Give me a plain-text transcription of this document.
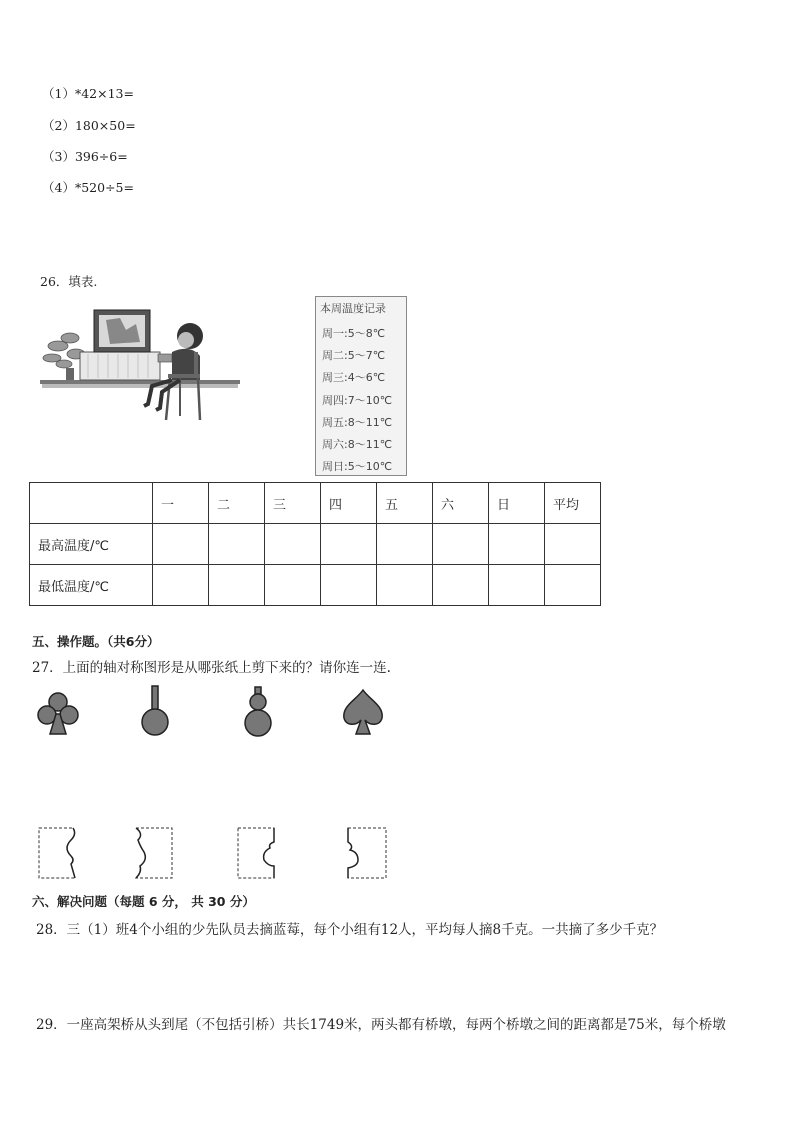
（1）*42×13=
（2）180×50=
（3）396÷6=
（4）*520÷5=
26．填表.
本周温度记录
周一:5～8℃
周二:5～7℃
周三:4～6℃
周四:7～10℃
周五:8～11℃
周六:8～11℃
周日:5～10℃
	一	二	三	四	五	六	日	平均
最高温度/℃								
最低温度/℃								
五、操作题。（共6分）
27．上面的轴对称图形是从哪张纸上剪下来的？请你连一连.
六、解决问题（每题 6 分， 共 30 分）
28．三（1）班4个小组的少先队员去摘蓝莓，每个小组有12人，平均每人摘8千克。一共摘了多少千克？
29．一座高架桥从头到尾（不包括引桥）共长1749米，两头都有桥墩，每两个桥墩之间的距离都是75米，每个桥墩
